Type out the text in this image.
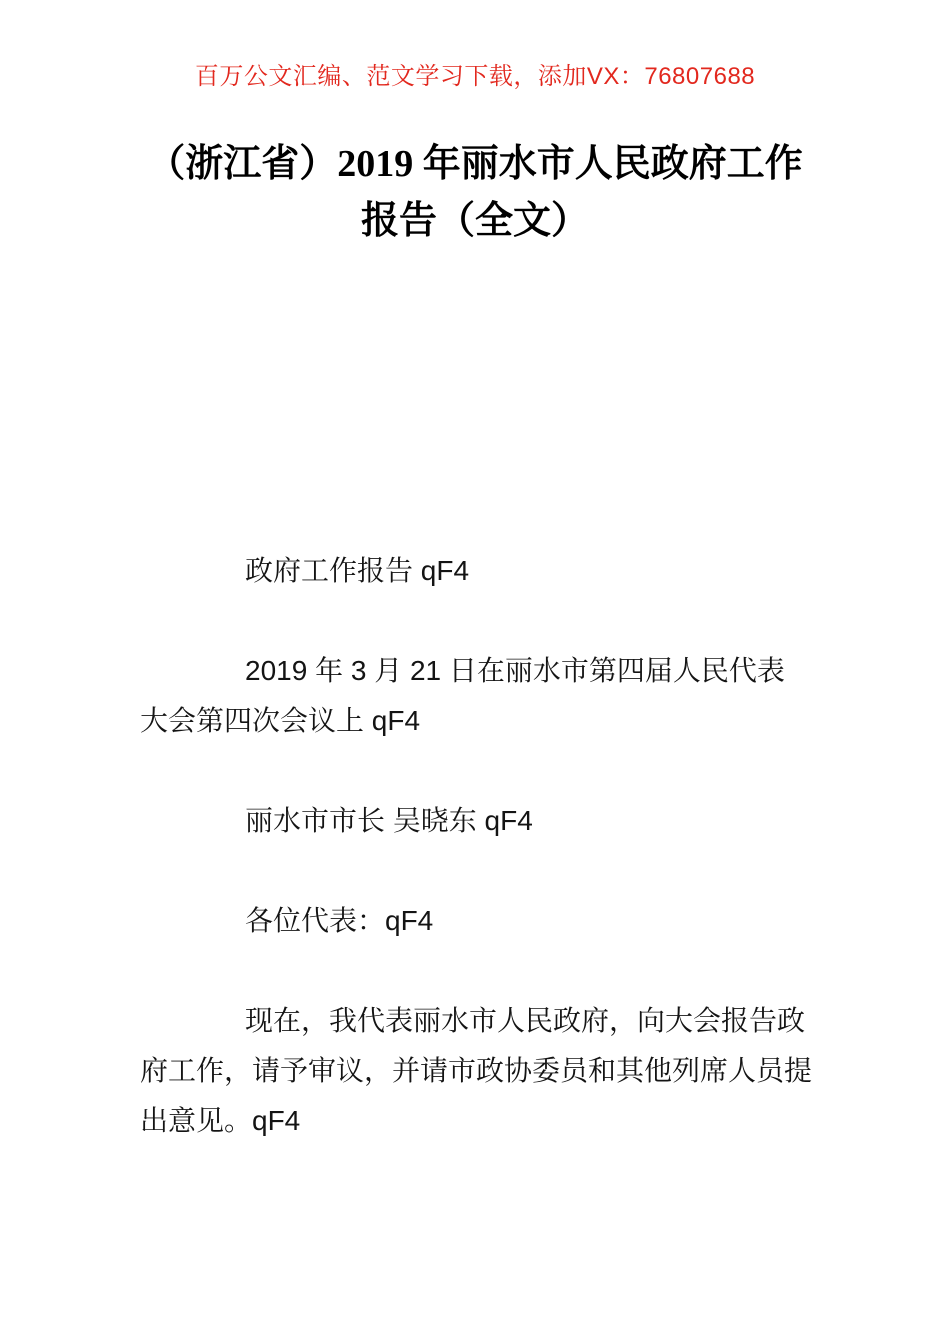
百万公文汇编、范文学习下载，添加VX：76807688
（浙江省）2019 年丽水市人民政府工作报告（全文）

政府工作报告 qF4

2019 年 3 月 21 日在丽水市第四届人民代表大会第四次会议上 qF4

丽水市市长 吴晓东 qF4

各位代表：qF4

现在，我代表丽水市人民政府，向大会报告政府工作，请予审议，并请市政协委员和其他列席人员提出意见。qF4
